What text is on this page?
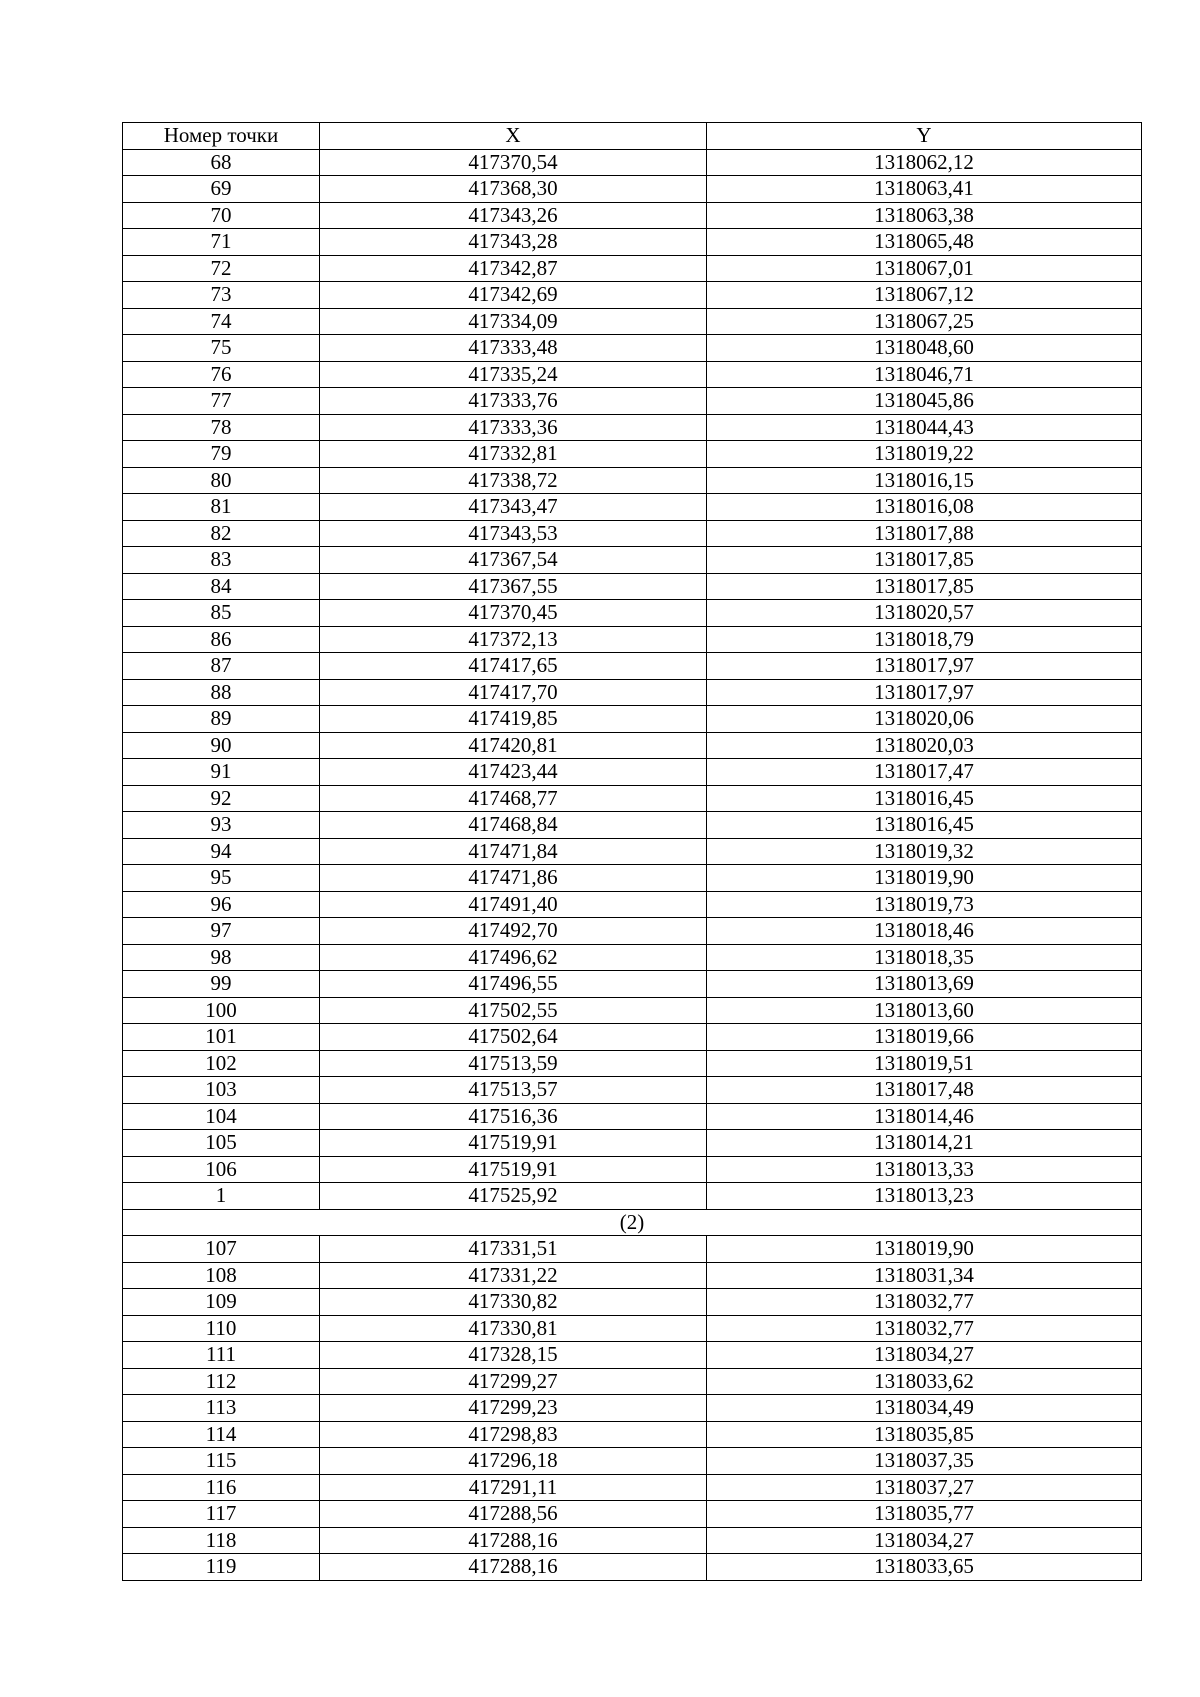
Номер точки	X	Y
68	417370,54	1318062,12
69	417368,30	1318063,41
70	417343,26	1318063,38
71	417343,28	1318065,48
72	417342,87	1318067,01
73	417342,69	1318067,12
74	417334,09	1318067,25
75	417333,48	1318048,60
76	417335,24	1318046,71
77	417333,76	1318045,86
78	417333,36	1318044,43
79	417332,81	1318019,22
80	417338,72	1318016,15
81	417343,47	1318016,08
82	417343,53	1318017,88
83	417367,54	1318017,85
84	417367,55	1318017,85
85	417370,45	1318020,57
86	417372,13	1318018,79
87	417417,65	1318017,97
88	417417,70	1318017,97
89	417419,85	1318020,06
90	417420,81	1318020,03
91	417423,44	1318017,47
92	417468,77	1318016,45
93	417468,84	1318016,45
94	417471,84	1318019,32
95	417471,86	1318019,90
96	417491,40	1318019,73
97	417492,70	1318018,46
98	417496,62	1318018,35
99	417496,55	1318013,69
100	417502,55	1318013,60
101	417502,64	1318019,66
102	417513,59	1318019,51
103	417513,57	1318017,48
104	417516,36	1318014,46
105	417519,91	1318014,21
106	417519,91	1318013,33
1	417525,92	1318013,23
(2)		
107	417331,51	1318019,90
108	417331,22	1318031,34
109	417330,82	1318032,77
110	417330,81	1318032,77
111	417328,15	1318034,27
112	417299,27	1318033,62
113	417299,23	1318034,49
114	417298,83	1318035,85
115	417296,18	1318037,35
116	417291,11	1318037,27
117	417288,56	1318035,77
118	417288,16	1318034,27
119	417288,16	1318033,65
